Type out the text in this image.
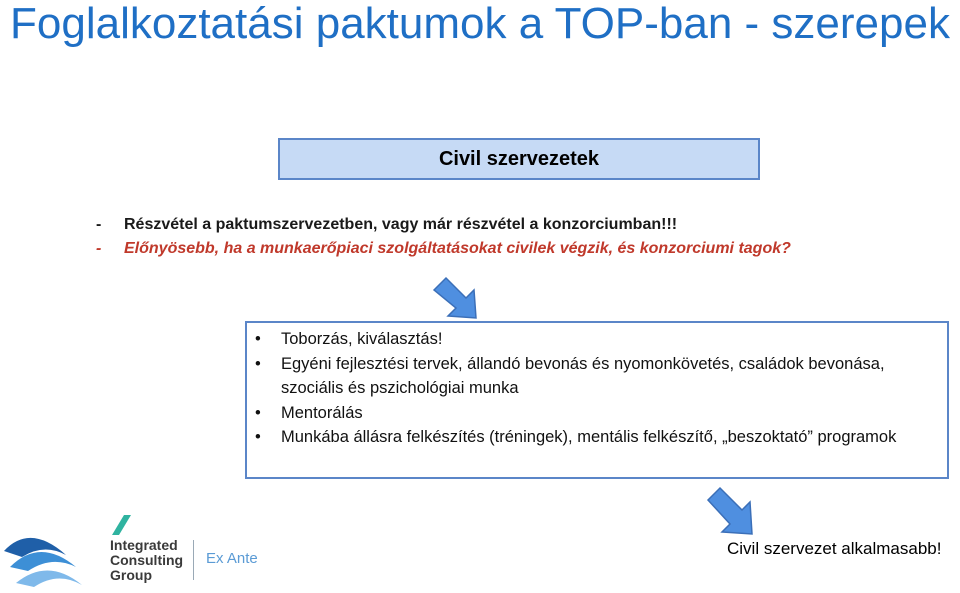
Foglalkoztatási paktumok a TOP-ban - szerepek
Civil szervezetek
- Részvétel a paktumszervezetben, vagy már részvétel a konzorciumban!!!
- Előnyösebb, ha a munkaerőpiaci szolgáltatásokat civilek végzik, és konzorciumi tagok?
• Toborzás, kiválasztás!
• Egyéni fejlesztési tervek, állandó bevonás és nyomonkövetés, családok bevonása, szociális és pszichológiai munka
• Mentorálás
• Munkába állásra felkészítés (tréningek), mentális felkészítő, „beszoktató” programok
Civil szervezet alkalmasabb!
Integrated
Consulting
Group
Ex Ante
